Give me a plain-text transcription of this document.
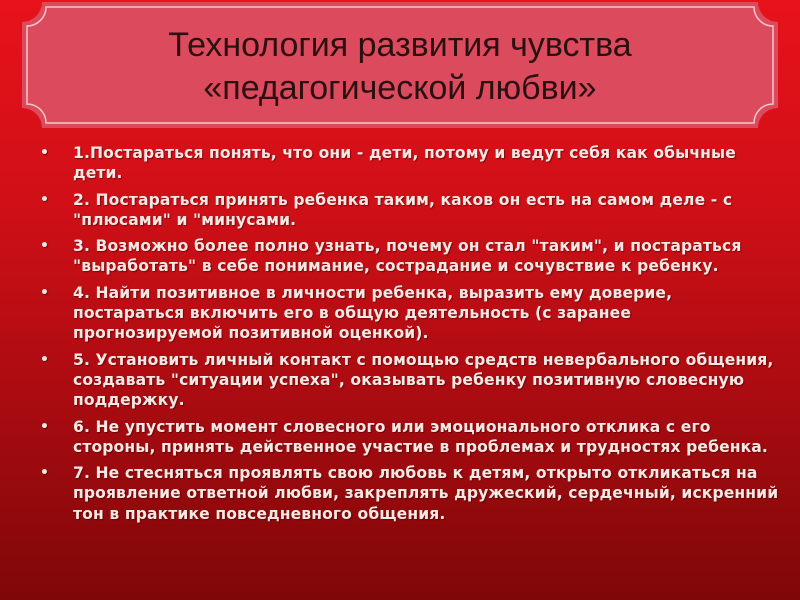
Технология развития чувства
«педагогической любви»
•	1.Постараться понять, что они - дети, потому и ведут себя как обычные дети.
•	2. Постараться принять ребенка таким, каков он есть на самом деле - с "плюсами" и "минусами.
•	3. Возможно более полно узнать, почему он стал "таким", и постараться "выработать" в себе понимание, сострадание и сочувствие к ребенку.
•	4. Найти позитивное в личности ребенка, выразить ему доверие, постараться включить его в общую деятельность (с заранее прогнозируемой позитивной оценкой).
•	5. Установить личный контакт с помощью средств невербального общения, создавать "ситуации успеха", оказывать ребенку позитивную словесную поддержку.
•	6. Не упустить момент словесного или эмоционального отклика с его стороны, принять действенное участие в проблемах и трудностях ребенка.
•	7. Не стесняться проявлять свою любовь к детям, открыто откликаться на проявление ответной любви, закреплять дружеский, сердечный, искренний тон в практике повседневного общения.
